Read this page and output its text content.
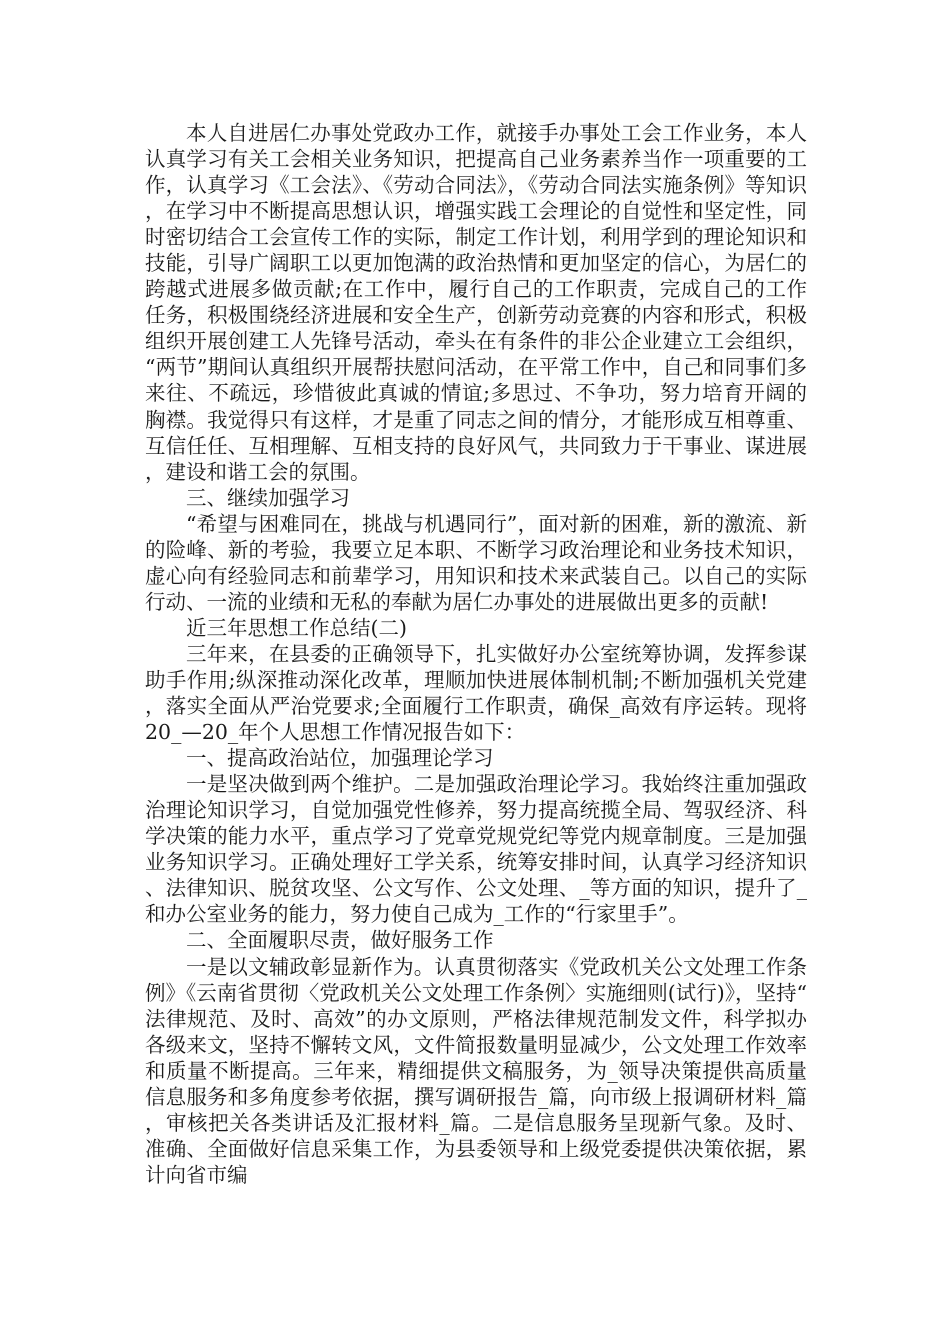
本人自进居仁办事处党政办工作，就接手办事处工会工作业务，本人认真学习有关工会相关业务知识，把提高自己业务素养当作一项重要的工作，认真学习《工会法》、《劳动合同法》，《劳动合同法实施条例》等知识，在学习中不断提高思想认识，增强实践工会理论的自觉性和坚定性，同时密切结合工会宣传工作的实际，制定工作计划，利用学到的理论知识和技能，引导广阔职工以更加饱满的政治热情和更加坚定的信心，为居仁的跨越式进展多做贡献;在工作中，履行自己的工作职责，完成自己的工作任务，积极围绕经济进展和安全生产，创新劳动竞赛的内容和形式，积极组织开展创建工人先锋号活动，牵头在有条件的非公企业建立工会组织，“两节”期间认真组织开展帮扶慰问活动，在平常工作中，自己和同事们多来往、不疏远，珍惜彼此真诚的情谊;多思过、不争功，努力培育开阔的胸襟。我觉得只有这样，才是重了同志之间的情分，才能形成互相尊重、互信任任、互相理解、互相支持的良好风气，共同致力于干事业、谋进展，建设和谐工会的氛围。

三、继续加强学习

“希望与困难同在，挑战与机遇同行”，面对新的困难，新的激流、新的险峰、新的考验，我要立足本职、不断学习政治理论和业务技术知识，虚心向有经验同志和前辈学习，用知识和技术来武装自己。以自己的实际行动、一流的业绩和无私的奉献为居仁办事处的进展做出更多的贡献!

近三年思想工作总结(二)

三年来，在县委的正确领导下，扎实做好办公室统筹协调，发挥参谋助手作用;纵深推动深化改革，理顺加快进展体制机制;不断加强机关党建，落实全面从严治党要求;全面履行工作职责，确保_高效有序运转。现将20_—20_年个人思想工作情况报告如下：

一、提高政治站位，加强理论学习

一是坚决做到两个维护。二是加强政治理论学习。我始终注重加强政治理论知识学习，自觉加强党性修养，努力提高统揽全局、驾驭经济、科学决策的能力水平，重点学习了党章党规党纪等党内规章制度。三是加强业务知识学习。正确处理好工学关系，统筹安排时间，认真学习经济知识、法律知识、脱贫攻坚、公文写作、公文处理、_等方面的知识，提升了_和办公室业务的能力，努力使自己成为_工作的“行家里手”。

二、全面履职尽责，做好服务工作

一是以文辅政彰显新作为。认真贯彻落实《党政机关公文处理工作条例》《云南省贯彻〈党政机关公文处理工作条例〉实施细则(试行)》，坚持“法律规范、及时、高效”的办文原则，严格法律规范制发文件，科学拟办各级来文，坚持不懈转文风，文件简报数量明显减少，公文处理工作效率和质量不断提高。三年来，精细提供文稿服务，为_领导决策提供高质量信息服务和多角度参考依据，撰写调研报告_篇，向市级上报调研材料_篇，审核把关各类讲话及汇报材料_篇。二是信息服务呈现新气象。及时、准确、全面做好信息采集工作，为县委领导和上级党委提供决策依据，累计向省市编
